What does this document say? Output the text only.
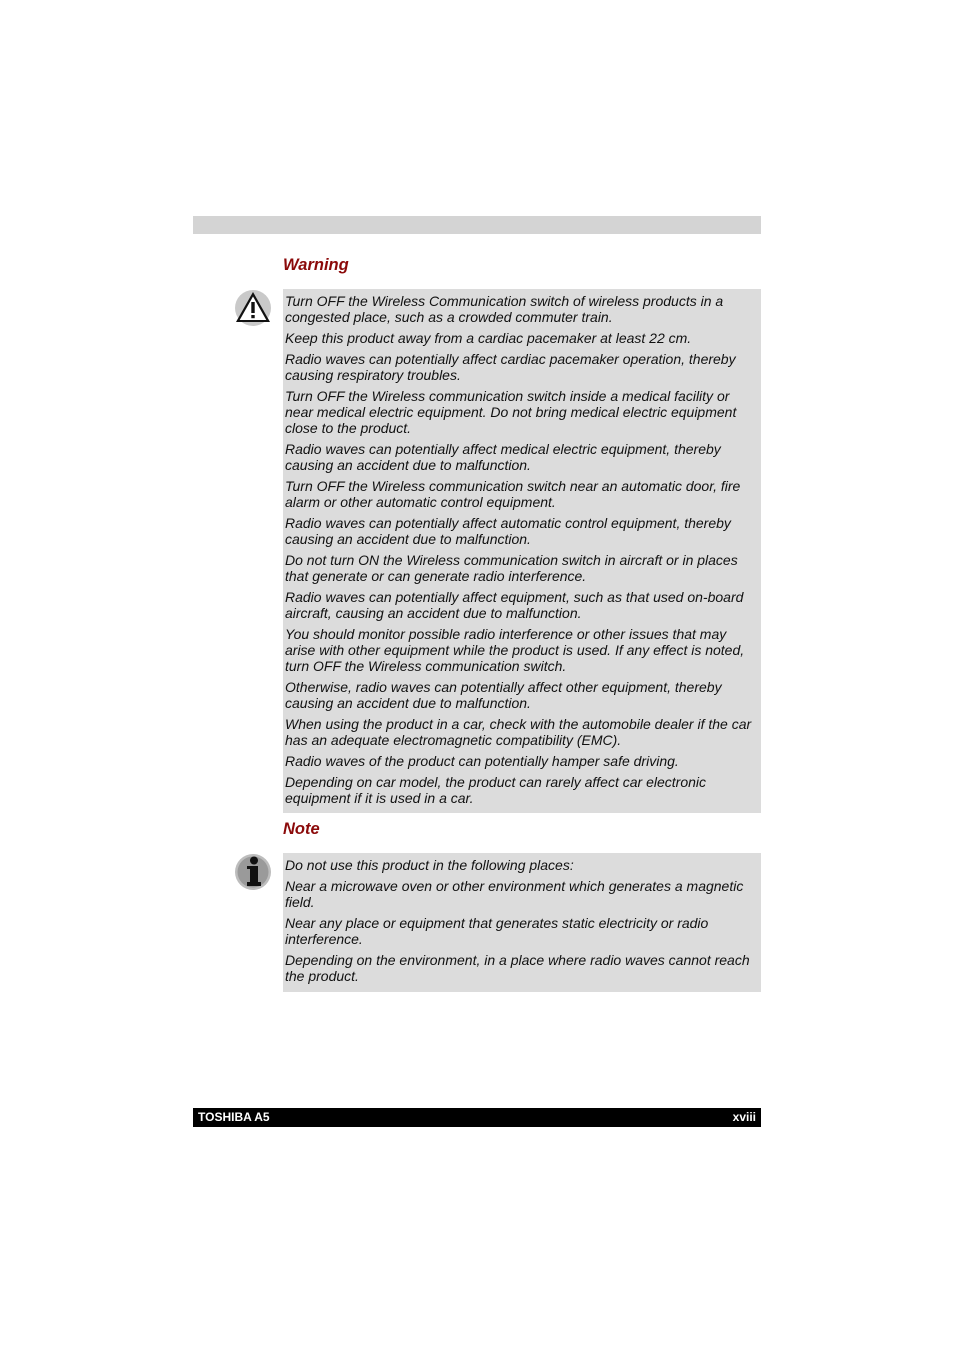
Warning

Turn OFF the Wireless Communication switch of wireless products in a congested place, such as a crowded commuter train.

Keep this product away from a cardiac pacemaker at least 22 cm.

Radio waves can potentially affect cardiac pacemaker operation, thereby causing respiratory troubles.

Turn OFF the Wireless communication switch inside a medical facility or near medical electric equipment. Do not bring medical electric equipment close to the product.

Radio waves can potentially affect medical electric equipment, thereby causing an accident due to malfunction.

Turn OFF the Wireless communication switch near an automatic door, fire alarm or other automatic control equipment.

Radio waves can potentially affect automatic control equipment, thereby causing an accident due to malfunction.

Do not turn ON the Wireless communication switch in aircraft or in places that generate or can generate radio interference.

Radio waves can potentially affect equipment, such as that used on-board aircraft, causing an accident due to malfunction.

You should monitor possible radio interference or other issues that may arise with other equipment while the product is used. If any effect is noted, turn OFF the Wireless communication switch.

Otherwise, radio waves can potentially affect other equipment, thereby causing an accident due to malfunction.

When using the product in a car, check with the automobile dealer if the car has an adequate electromagnetic compatibility (EMC).

Radio waves of the product can potentially hamper safe driving.

Depending on car model, the product can rarely affect car electronic equipment if it is used in a car.

Note

Do not use this product in the following places:

Near a microwave oven or other environment which generates a magnetic field.

Near any place or equipment that generates static electricity or radio interference.

Depending on the environment, in a place where radio waves cannot reach the product.

TOSHIBA A5	xviii
